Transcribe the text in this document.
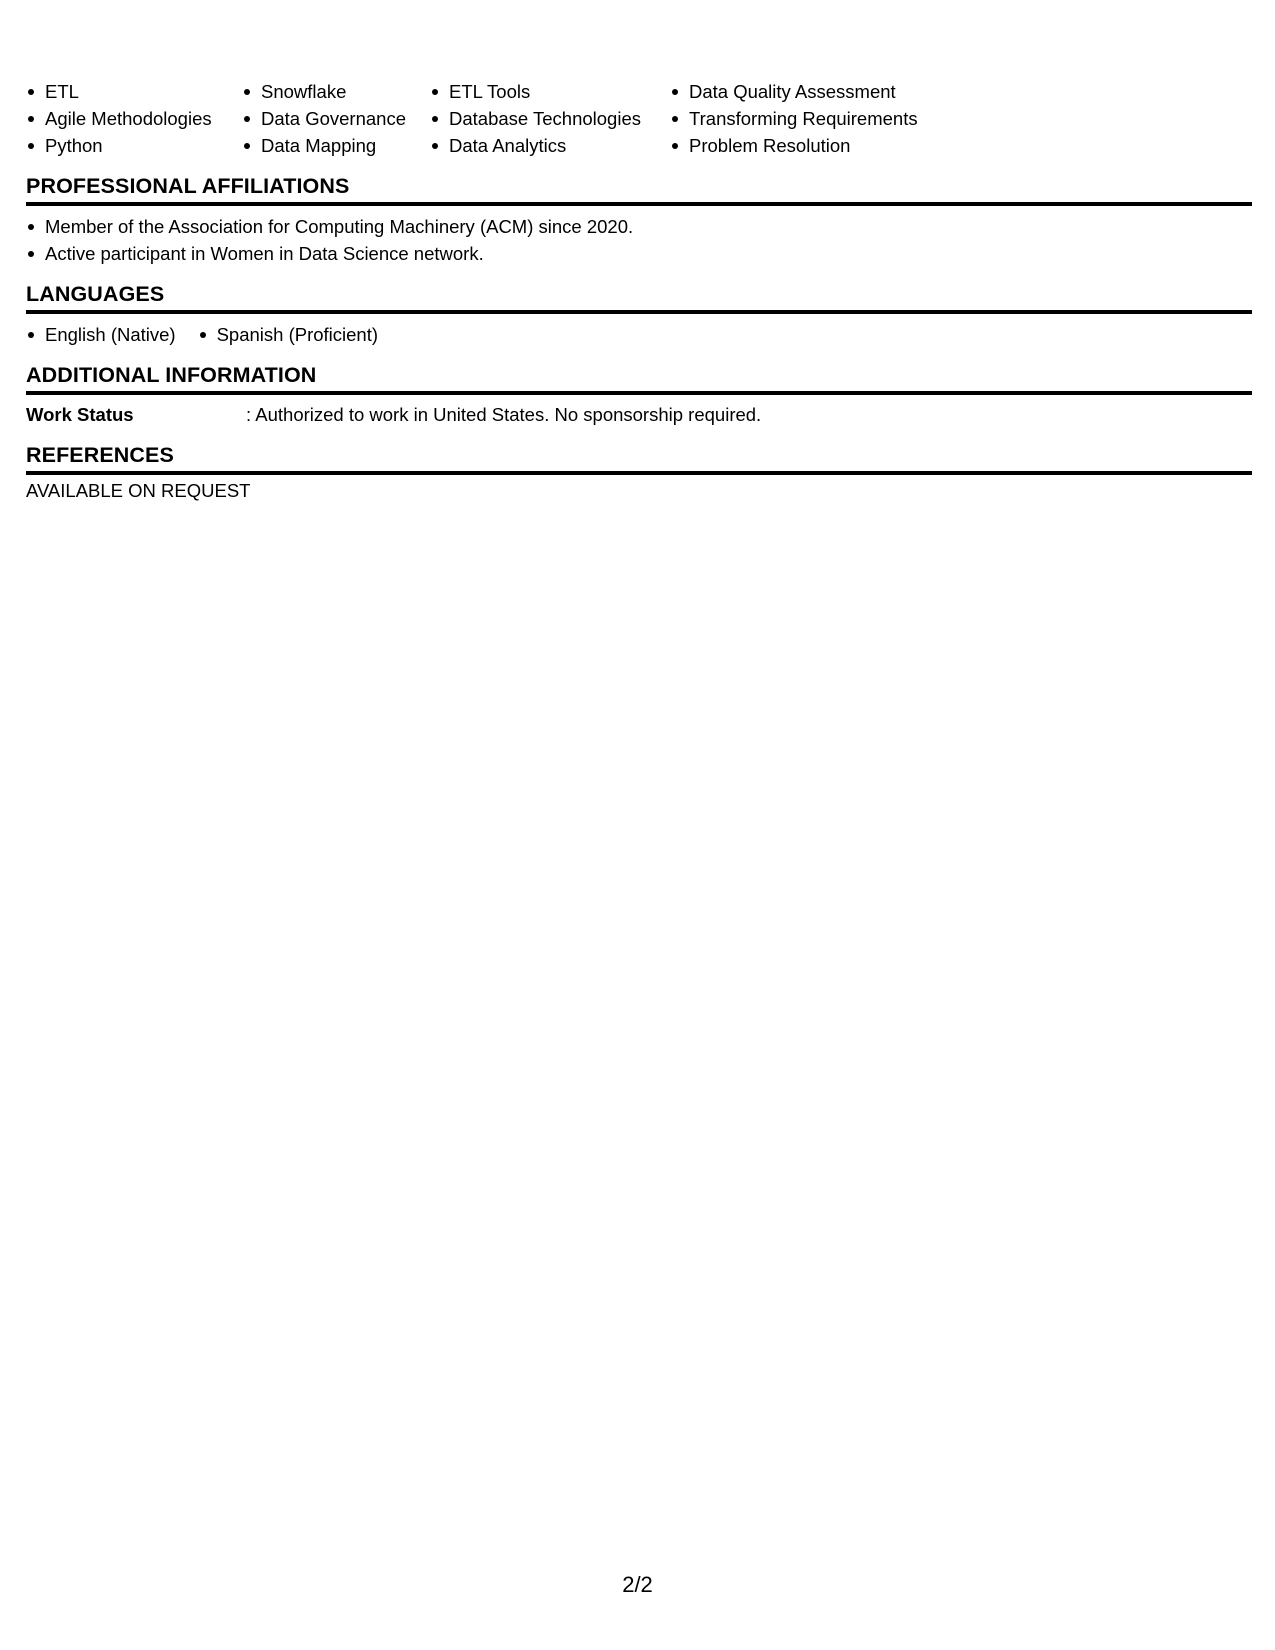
ETL
Agile Methodologies
Python
Snowflake
Data Governance
Data Mapping
ETL Tools
Database Technologies
Data Analytics
Data Quality Assessment
Transforming Requirements
Problem Resolution
PROFESSIONAL AFFILIATIONS
Member of the Association for Computing Machinery (ACM) since 2020.
Active participant in Women in Data Science network.
LANGUAGES
English (Native)	Spanish (Proficient)
ADDITIONAL INFORMATION
Work Status	: Authorized to work in United States. No sponsorship required.
REFERENCES
AVAILABLE ON REQUEST
2/2
